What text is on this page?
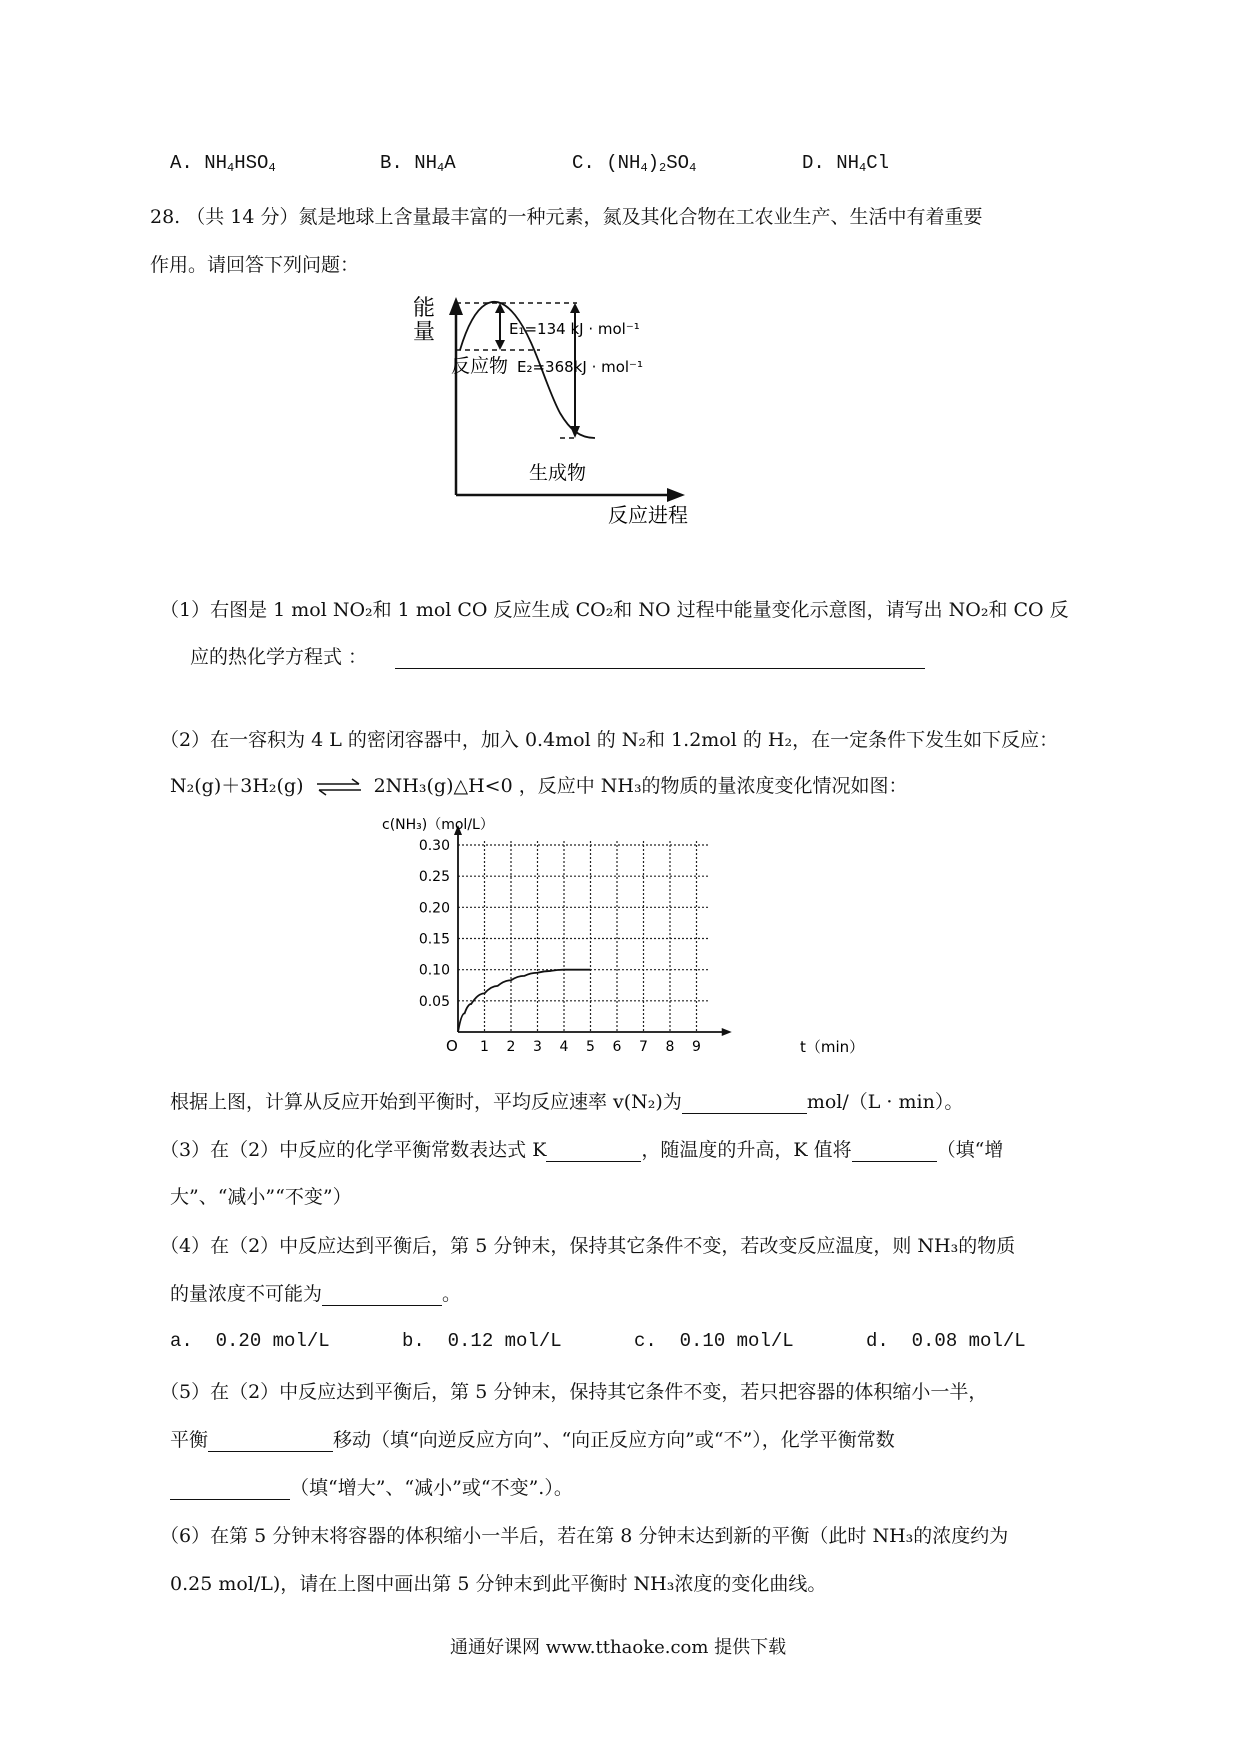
A. $NH_4HSO_4$	B. $NH_4A$	C. $(NH_4)_2SO_4$	D. $NH_4Cl$
28. （共 14 分）氮是地球上含量最丰富的一种元素，氮及其化合物在工农业生产、生活中有着重要
作用。请回答下列问题：
能
量	E₁=134 kJ · mol⁻¹
E₂=368kJ · mol⁻¹
反应物
生成物
反应进程
（1）右图是 1 mol NO₂和 1 mol CO 反应生成 CO₂和 NO 过程中能量变化示意图，请写出 NO₂和 CO 反
应的热化学方程式 ：
（2）在一容积为 4 L 的密闭容器中，加入 0.4mol 的 N₂和 1.2mol 的 H₂，在一定条件下发生如下反应：
N₂(g)＋3H₂(g) ⇌ 2NH₃(g)△H<0 ，反应中 NH₃的物质的量浓度变化情况如图：
0.05
0.10
0.15
0.20
0.25
0.30
1 2 3 4 5 6 7 8 9
c(NH₃)（mol/L）
t（min）
O
根据上图，计算从反应开始到平衡时，平均反应速率 v(N₂)为	mol/（L · min）。
（3）在（2）中反应的化学平衡常数表达式 K	，随温度的升高，K 值将	（填“增
大”、“减小”“不变”）
（4）在（2）中反应达到平衡后，第 5 分钟末，保持其它条件不变，若改变反应温度，则 NH₃的物质
的量浓度不可能为	。
a. 0.20 mol/L	b. 0.12 mol/L	c. 0.10 mol/L	d. 0.08 mol/L
（5）在（2）中反应达到平衡后，第 5 分钟末，保持其它条件不变，若只把容器的体积缩小一半，
平衡	移动（填“向逆反应方向”、“向正反应方向”或“不”），化学平衡常数
（填“增大”、“减小”或“不变”.）。
（6）在第 5 分钟末将容器的体积缩小一半后，若在第 8 分钟末达到新的平衡（此时 NH₃的浓度约为
0.25 mol/L)，请在上图中画出第 5 分钟末到此平衡时 NH₃浓度的变化曲线。
通通好课网 www.tthaoke.com 提供下载
